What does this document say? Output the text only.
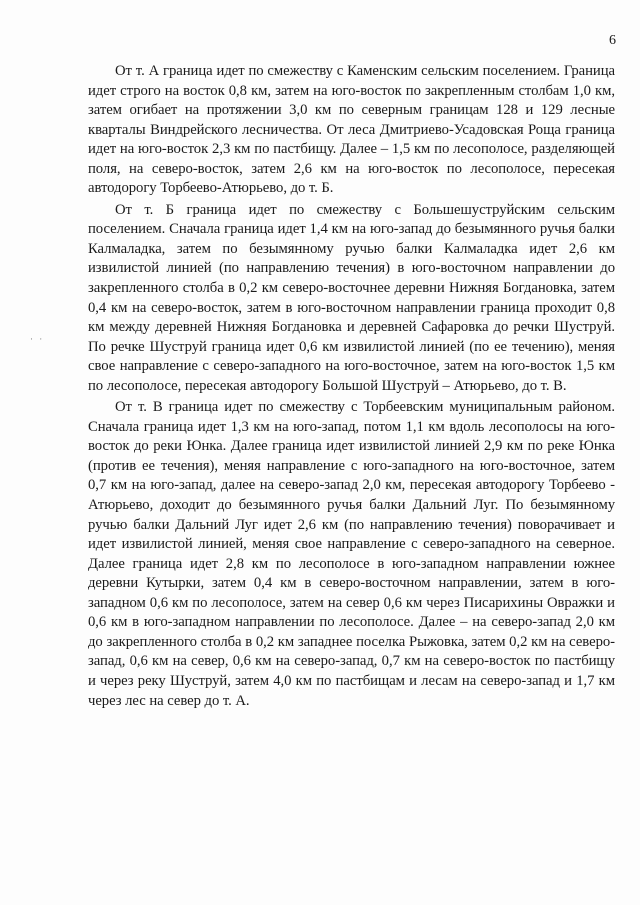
6
· ·

От т. А граница идет по смежеству с Каменским сельским поселением. Граница идет строго на восток 0,8 км, затем на юго-восток по закрепленным столбам 1,0 км, затем огибает на протяжении 3,0 км по северным границам 128 и 129 лесные кварталы Виндрейского лесничества. От леса Дмитриево-Усадовская Роща граница идет на юго-восток 2,3 км по пастбищу. Далее – 1,5 км по лесополосе, разделяющей поля, на северо-восток, затем 2,6 км на юго-восток по лесополосе, пересекая автодорогу Торбеево-Атюрьево, до т. Б.

От т. Б граница идет по смежеству с Большешуструйским сельским поселением. Сначала граница идет 1,4 км на юго-запад до безымянного ручья балки Калмаладка, затем по безымянному ручью балки Калмаладка идет 2,6 км извилистой линией (по направлению течения) в юго-восточном направлении до закрепленного столба в 0,2 км северо-восточнее деревни Нижняя Богдановка, затем 0,4 км на северо-восток, затем в юго-восточном направлении граница проходит 0,8 км между деревней Нижняя Богдановка и деревней Сафаровка до речки Шуструй. По речке Шуструй граница идет 0,6 км извилистой линией (по ее течению), меняя свое направление с северо-западного на юго-восточное, затем на юго-восток 1,5 км по лесополосе, пересекая автодорогу Большой Шуструй – Атюрьево, до т. В.

От т. В граница идет по смежеству с Торбеевским муниципальным районом. Сначала граница идет 1,3 км на юго-запад, потом 1,1 км вдоль лесополосы на юго-восток до реки Юнка. Далее граница идет извилистой линией 2,9 км по реке Юнка (против ее течения), меняя направление с юго-западного на юго-восточное, затем 0,7 км на юго-запад, далее на северо-запад 2,0 км, пересекая автодорогу Торбеево - Атюрьево, доходит до безымянного ручья балки Дальний Луг. По безымянному ручью балки Дальний Луг идет 2,6 км (по направлению течения) поворачивает и идет извилистой линией, меняя свое направление с северо-западного на северное. Далее граница идет 2,8 км по лесополосе в юго-западном направлении южнее деревни Кутырки, затем 0,4 км в северо-восточном направлении, затем в юго-западном 0,6 км по лесополосе, затем на север 0,6 км через Писарихины Овражки и 0,6 км в юго-западном направлении по лесополосе. Далее – на северо-запад 2,0 км до закрепленного столба в 0,2 км западнее поселка Рыжовка, затем 0,2 км на северо-запад, 0,6 км на север, 0,6 км на северо-запад, 0,7 км на северо-восток по пастбищу и через реку Шуструй, затем 4,0 км по пастбищам и лесам на северо-запад и 1,7 км через лес на север до т. А.
